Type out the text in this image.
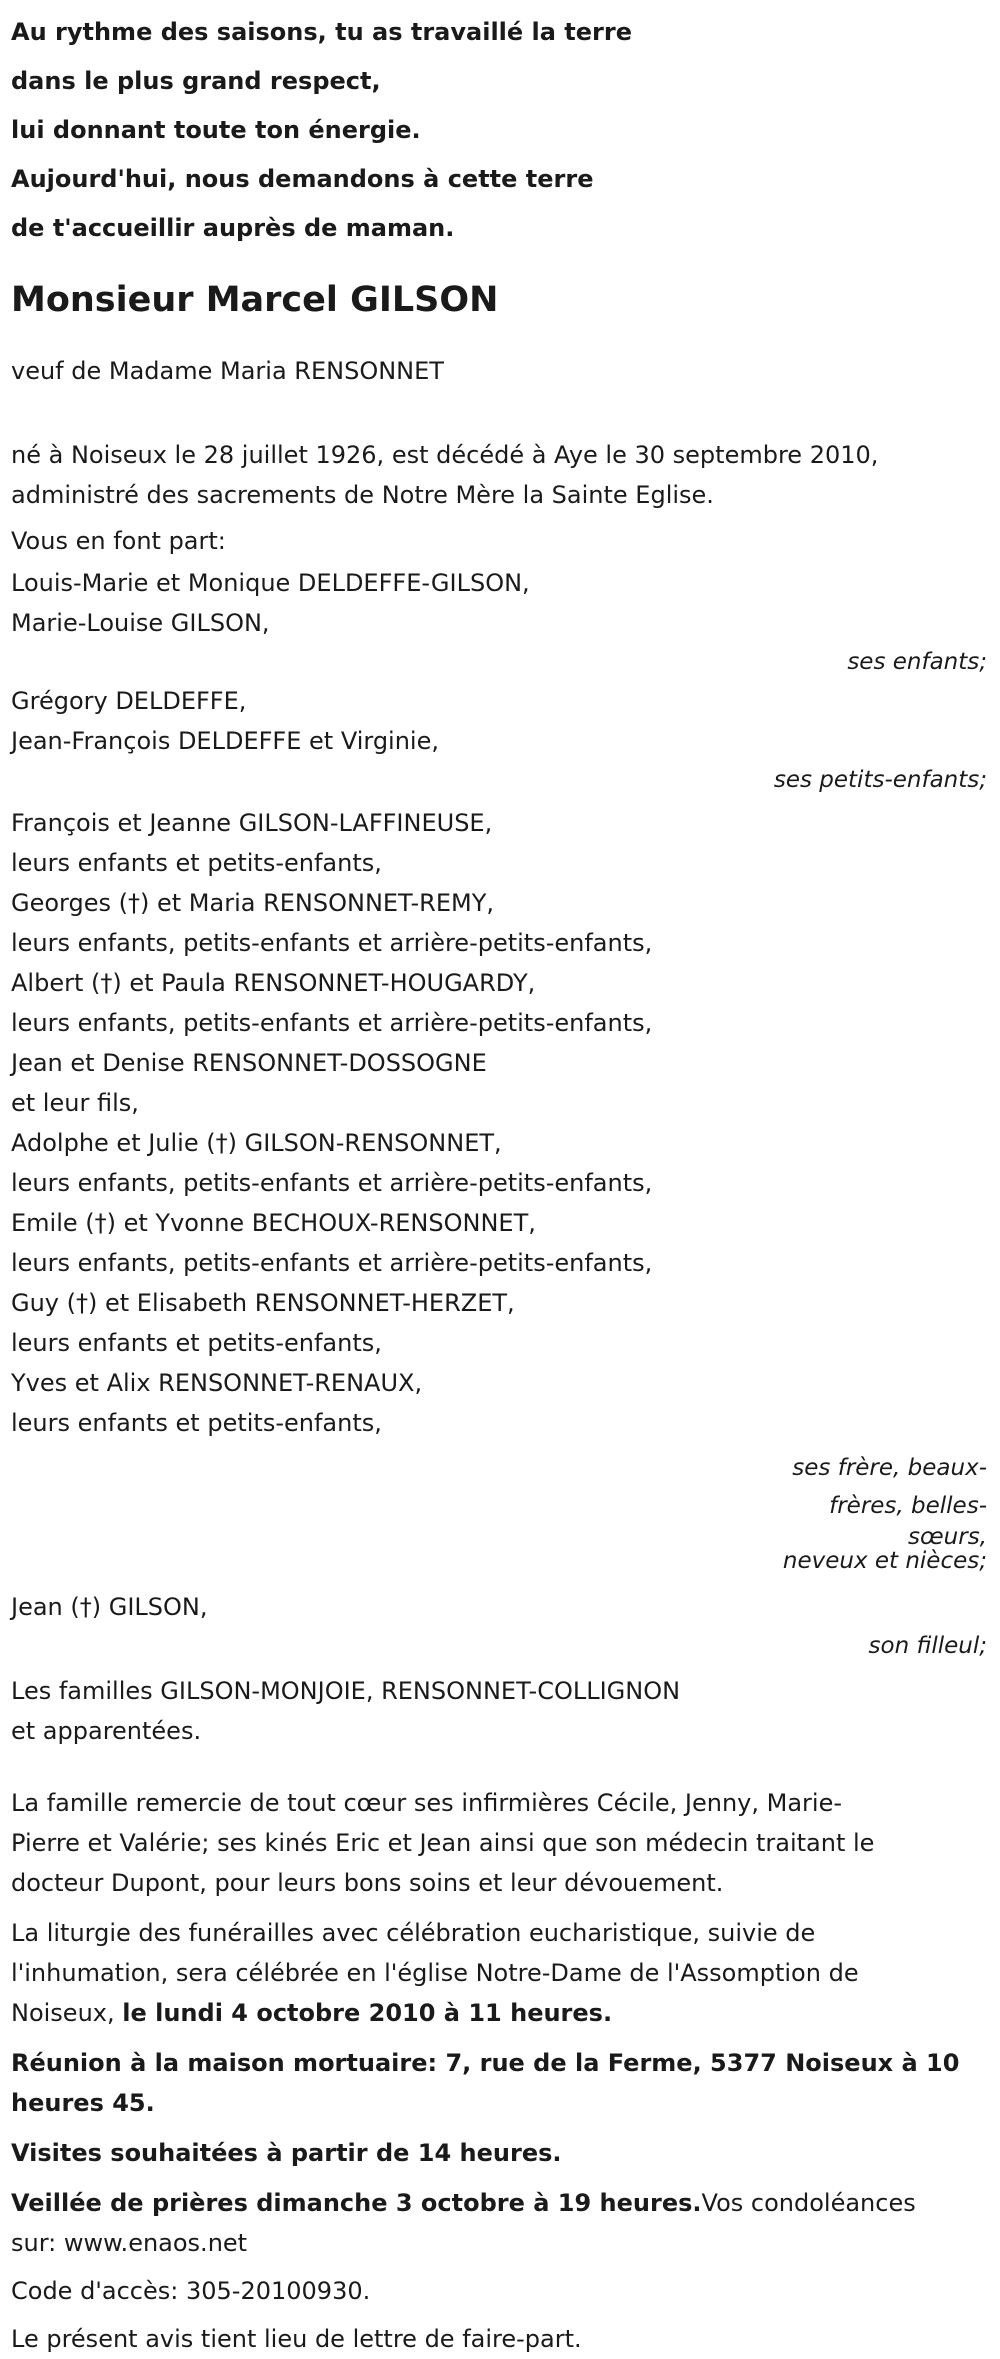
Au rythme des saisons, tu as travaillé la terre

dans le plus grand respect,

lui donnant toute ton énergie.

Aujourd'hui, nous demandons à cette terre

de t'accueillir auprès de maman.

Monsieur Marcel GILSON

veuf de Madame Maria RENSONNET

né à Noiseux le 28 juillet 1926, est décédé à Aye le 30 septembre 2010,

administré des sacrements de Notre Mère la Sainte Eglise.

Vous en font part:

Louis-Marie et Monique DELDEFFE-GILSON,

Marie-Louise GILSON,

ses enfants;

Grégory DELDEFFE,

Jean-François DELDEFFE et Virginie,

ses petits-enfants;

François et Jeanne GILSON-LAFFINEUSE,

leurs enfants et petits-enfants,

Georges (†) et Maria RENSONNET-REMY,

leurs enfants, petits-enfants et arrière-petits-enfants,

Albert (†) et Paula RENSONNET-HOUGARDY,

leurs enfants, petits-enfants et arrière-petits-enfants,

Jean et Denise RENSONNET-DOSSOGNE

et leur fils,

Adolphe et Julie (†) GILSON-RENSONNET,

leurs enfants, petits-enfants et arrière-petits-enfants,

Emile (†) et Yvonne BECHOUX-RENSONNET,

leurs enfants, petits-enfants et arrière-petits-enfants,

Guy (†) et Elisabeth RENSONNET-HERZET,

leurs enfants et petits-enfants,

Yves et Alix RENSONNET-RENAUX,

leurs enfants et petits-enfants,

ses frère, beaux-

frères, belles-

sœurs,

neveux et nièces;

Jean (†) GILSON,

son filleul;

Les familles GILSON-MONJOIE, RENSONNET-COLLIGNON

et apparentées.

La famille remercie de tout cœur ses infirmières Cécile, Jenny, Marie-

Pierre et Valérie; ses kinés Eric et Jean ainsi que son médecin traitant le

docteur Dupont, pour leurs bons soins et leur dévouement.

La liturgie des funérailles avec célébration eucharistique, suivie de

l'inhumation, sera célébrée en l'église Notre-Dame de l'Assomption de

Noiseux, le lundi 4 octobre 2010 à 11 heures.

Réunion à la maison mortuaire: 7, rue de la Ferme, 5377 Noiseux à 10

heures 45.

Visites souhaitées à partir de 14 heures.

Veillée de prières dimanche 3 octobre à 19 heures.Vos condoléances

sur: www.enaos.net

Code d'accès: 305-20100930.

Le présent avis tient lieu de lettre de faire-part.
